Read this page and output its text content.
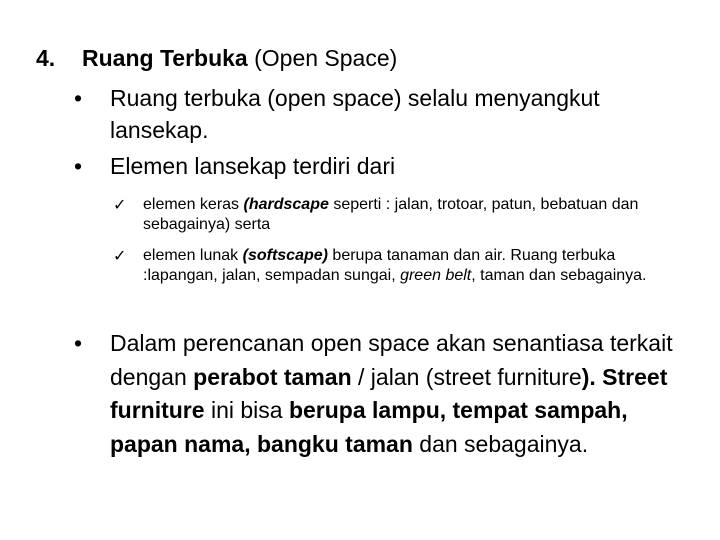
4. Ruang Terbuka (Open Space)
• Ruang terbuka (open space) selalu menyangkut lansekap.
• Elemen lansekap terdiri dari
✓ elemen keras (hardscape seperti : jalan, trotoar, patun, bebatuan dan sebagainya) serta
✓ elemen lunak (softscape) berupa tanaman dan air. Ruang terbuka :lapangan, jalan, sempadan sungai, green belt, taman dan sebagainya.
• Dalam perencanan open space akan senantiasa terkait dengan perabot taman / jalan (street furniture). Street furniture ini bisa berupa lampu, tempat sampah, papan nama, bangku taman dan sebagainya.
